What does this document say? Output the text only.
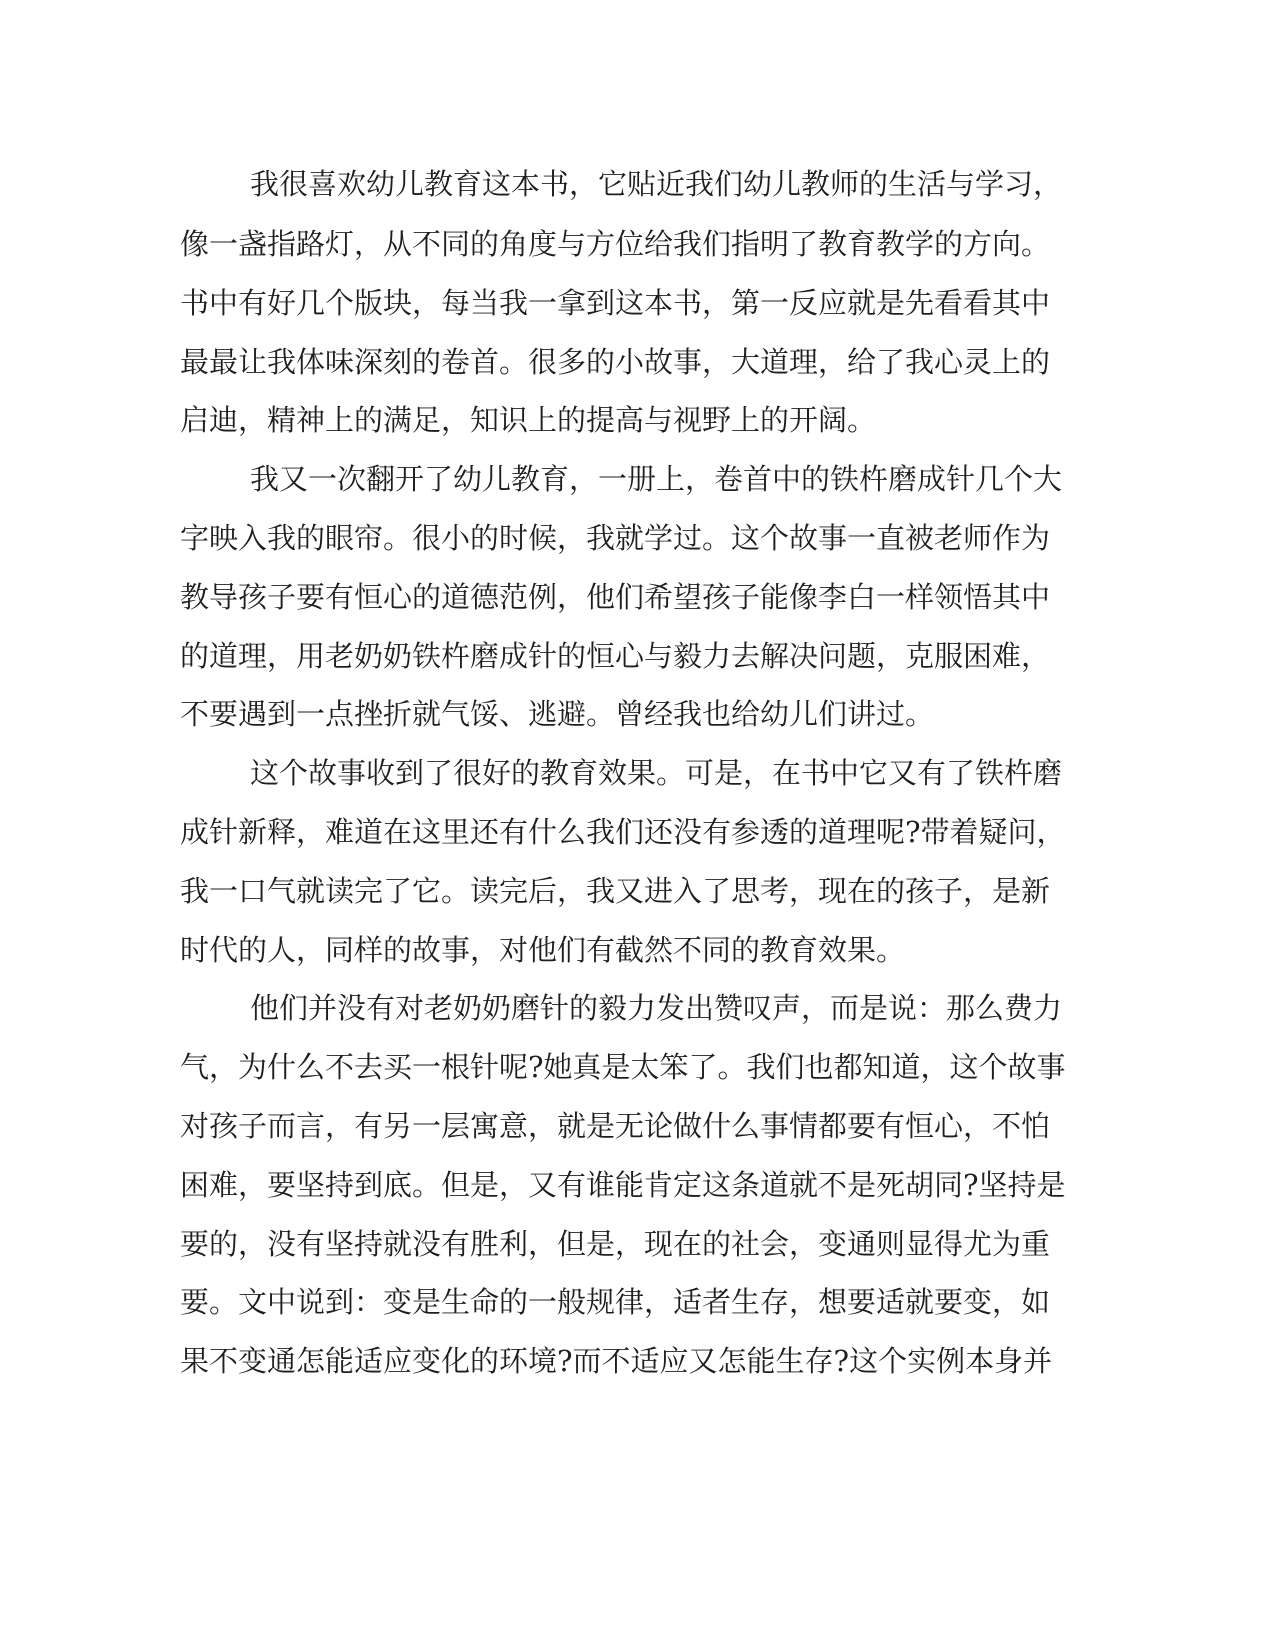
我很喜欢幼儿教育这本书，它贴近我们幼儿教师的生活与学习，
像一盏指路灯，从不同的角度与方位给我们指明了教育教学的方向。
书中有好几个版块，每当我一拿到这本书，第一反应就是先看看其中
最最让我体味深刻的卷首。很多的小故事，大道理，给了我心灵上的
启迪，精神上的满足，知识上的提高与视野上的开阔。
我又一次翻开了幼儿教育，一册上，卷首中的铁杵磨成针几个大
字映入我的眼帘。很小的时候，我就学过。这个故事一直被老师作为
教导孩子要有恒心的道德范例，他们希望孩子能像李白一样领悟其中
的道理，用老奶奶铁杵磨成针的恒心与毅力去解决问题，克服困难，
不要遇到一点挫折就气馁、逃避。曾经我也给幼儿们讲过。
这个故事收到了很好的教育效果。可是，在书中它又有了铁杵磨
成针新释，难道在这里还有什么我们还没有参透的道理呢?带着疑问，
我一口气就读完了它。读完后，我又进入了思考，现在的孩子，是新
时代的人，同样的故事，对他们有截然不同的教育效果。
他们并没有对老奶奶磨针的毅力发出赞叹声，而是说：那么费力
气，为什么不去买一根针呢?她真是太笨了。我们也都知道，这个故事
对孩子而言，有另一层寓意，就是无论做什么事情都要有恒心，不怕
困难，要坚持到底。但是，又有谁能肯定这条道就不是死胡同?坚持是
要的，没有坚持就没有胜利，但是，现在的社会，变通则显得尤为重
要。文中说到：变是生命的一般规律，适者生存，想要适就要变，如
果不变通怎能适应变化的环境?而不适应又怎能生存?这个实例本身并
